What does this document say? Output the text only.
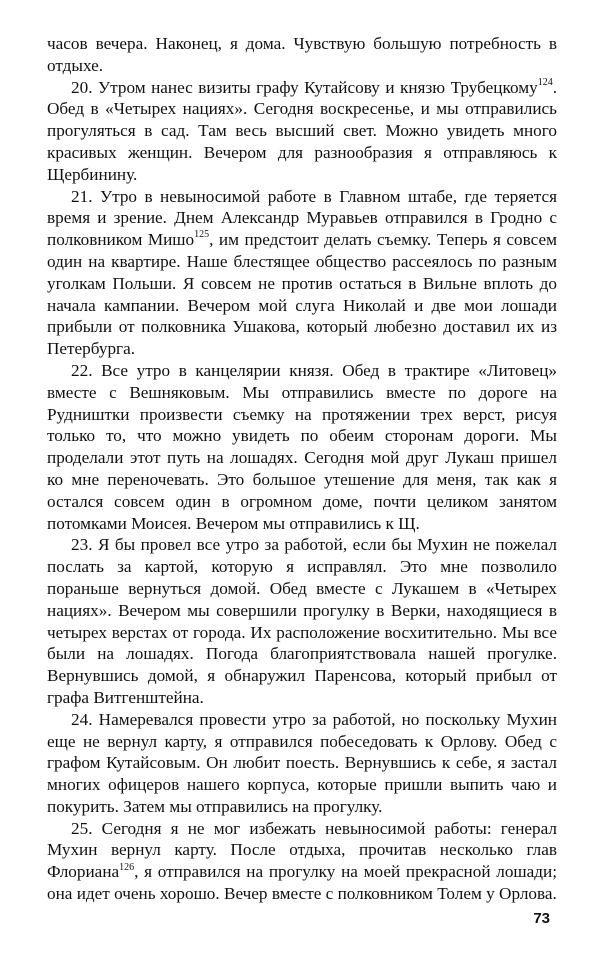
часов вечера. Наконец, я дома. Чувствую большую потребность в отдыхе.

20. Утром нанес визиты графу Кутайсову и князю Трубецкому$^{124}$. Обед в «Четырех нациях». Сегодня воскресенье, и мы отправились прогуляться в сад. Там весь высший свет. Можно увидеть много красивых женщин. Вечером для разнообразия я отправляюсь к Щербинину.

21. Утро в невыносимой работе в Главном штабе, где теряется время и зрение. Днем Александр Муравьев отправился в Гродно с полковником Мишо$^{125}$, им предстоит делать съемку. Теперь я совсем один на квартире. Наше блестящее общество рассеялось по разным уголкам Польши. Я совсем не против остаться в Вильне вплоть до начала кампании. Вечером мой слуга Николай и две мои лошади прибыли от полковника Ушакова, который любезно доставил их из Петербурга.

22. Все утро в канцелярии князя. Обед в трактире «Литовец» вместе с Вешняковым. Мы отправились вместе по дороге на Рудништки произвести съемку на протяжении трех верст, рисуя только то, что можно увидеть по обеим сторонам дороги. Мы проделали этот путь на лошадях. Сегодня мой друг Лукаш пришел ко мне переночевать. Это большое утешение для меня, так как я остался совсем один в огромном доме, почти целиком занятом потомками Моисея. Вечером мы отправились к Щ.

23. Я бы провел все утро за работой, если бы Мухин не пожелал послать за картой, которую я исправлял. Это мне позволило пораньше вернуться домой. Обед вместе с Лукашем в «Четырех нациях». Вечером мы совершили прогулку в Верки, находящиеся в четырех верстах от города. Их расположение восхитительно. Мы все были на лошадях. Погода благоприятствовала нашей прогулке. Вернувшись домой, я обнаружил Паренсова, который прибыл от графа Витгенштейна.

24. Намеревался провести утро за работой, но поскольку Мухин еще не вернул карту, я отправился побеседовать к Орлову. Обед с графом Кутайсовым. Он любит поесть. Вернувшись к себе, я застал многих офицеров нашего корпуса, которые пришли выпить чаю и покурить. Затем мы отправились на прогулку.

25. Сегодня я не мог избежать невыносимой работы: генерал Мухин вернул карту. После отдыха, прочитав несколько глав Флориана$^{126}$, я отправился на прогулку на моей прекрасной лошади; она идет очень хорошо. Вечер вместе с полковником Толем у Орлова.

73
